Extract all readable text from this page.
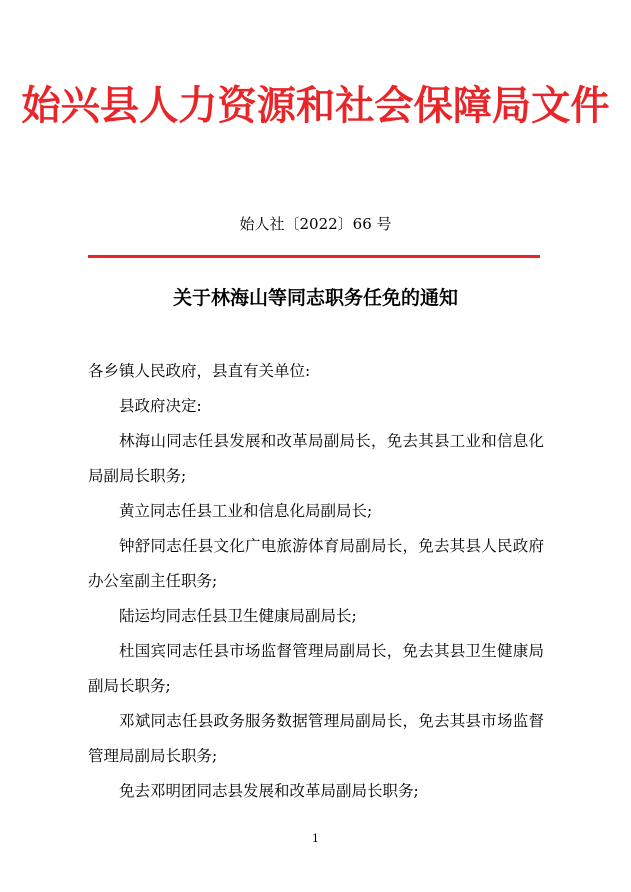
始兴县人力资源和社会保障局文件
始人社〔2022〕66 号
关于林海山等同志职务任免的通知

各乡镇人民政府，县直有关单位:

县政府决定:

林海山同志任县发展和改革局副局长，免去其县工业和信息化局副局长职务;

黄立同志任县工业和信息化局副局长;

钟舒同志任县文化广电旅游体育局副局长，免去其县人民政府办公室副主任职务;

陆运均同志任县卫生健康局副局长;

杜国宾同志任县市场监督管理局副局长，免去其县卫生健康局副局长职务;

邓斌同志任县政务服务数据管理局副局长，免去其县市场监督管理局副局长职务;

免去邓明团同志县发展和改革局副局长职务;

1
